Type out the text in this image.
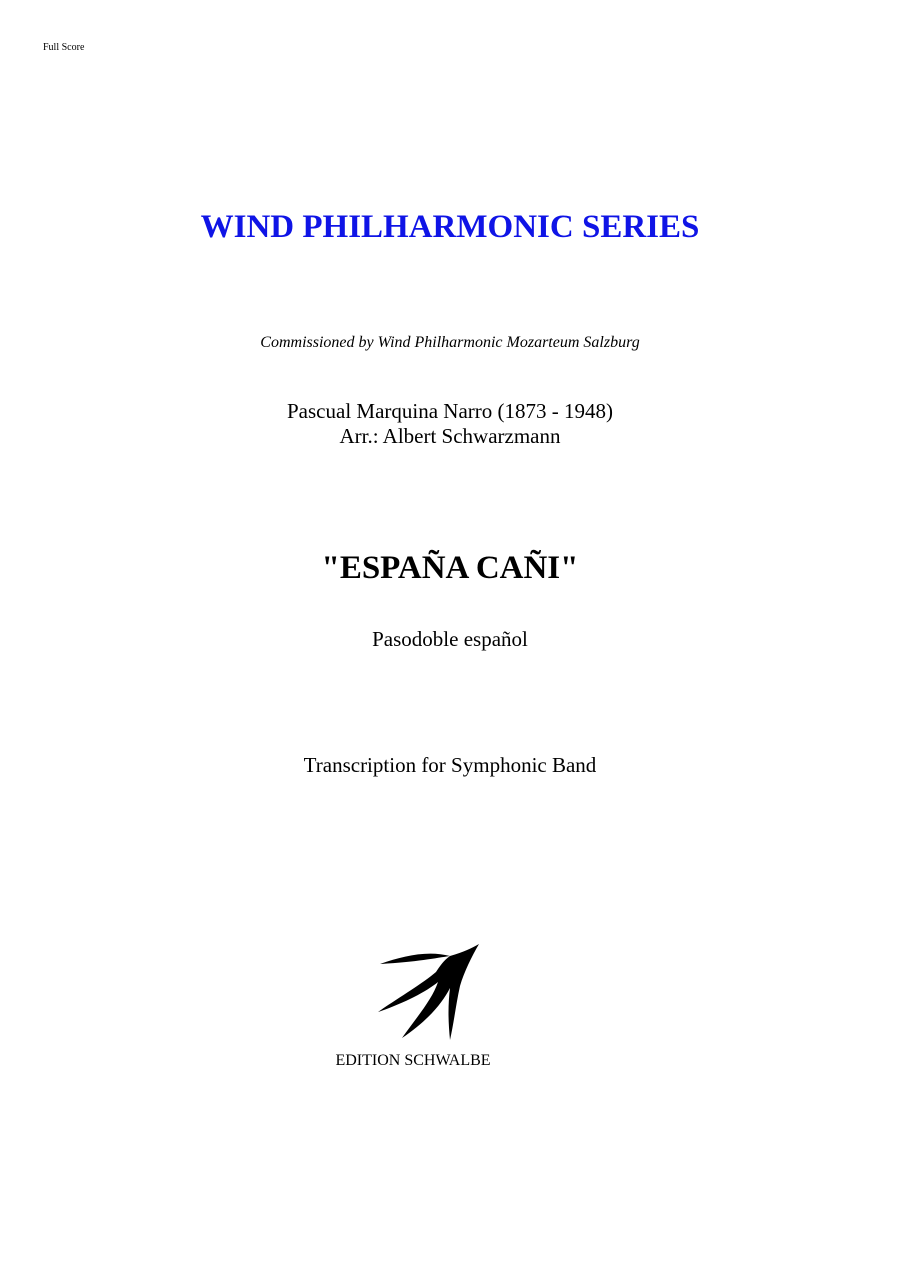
Full Score
WIND PHILHARMONIC SERIES
Commissioned by Wind Philharmonic Mozarteum Salzburg
Pascual Marquina Narro (1873 - 1948)
Arr.: Albert Schwarzmann
"ESPAÑA CAÑI"
Pasodoble español
Transcription for Symphonic Band
EDITION SCHWALBE
